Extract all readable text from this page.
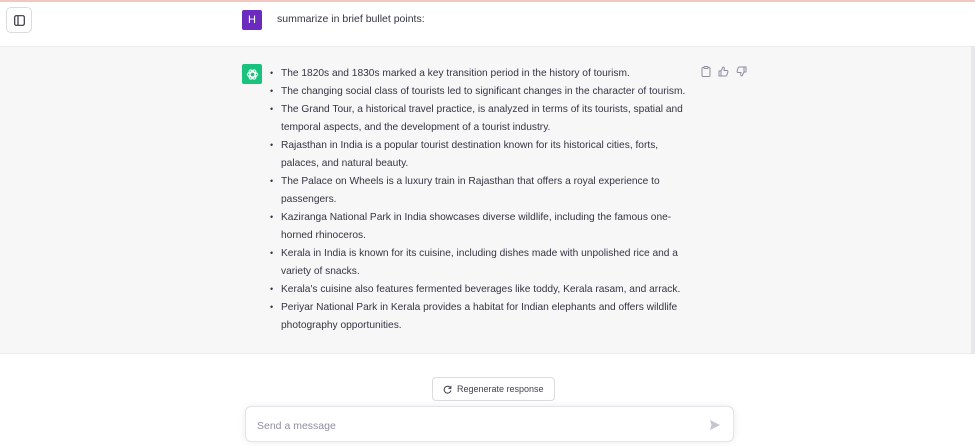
H	summarize in brief bullet points:
• The 1820s and 1830s marked a key transition period in the history of tourism.
• The changing social class of tourists led to significant changes in the character of tourism.
• The Grand Tour, a historical travel practice, is analyzed in terms of its tourists, spatial and temporal aspects, and the development of a tourist industry.
• Rajasthan in India is a popular tourist destination known for its historical cities, forts, palaces, and natural beauty.
• The Palace on Wheels is a luxury train in Rajasthan that offers a royal experience to passengers.
• Kaziranga National Park in India showcases diverse wildlife, including the famous one-horned rhinoceros.
• Kerala in India is known for its cuisine, including dishes made with unpolished rice and a variety of snacks.
• Kerala's cuisine also features fermented beverages like toddy, Kerala rasam, and arrack.
• Periyar National Park in Kerala provides a habitat for Indian elephants and offers wildlife photography opportunities.
Regenerate response
Send a message
